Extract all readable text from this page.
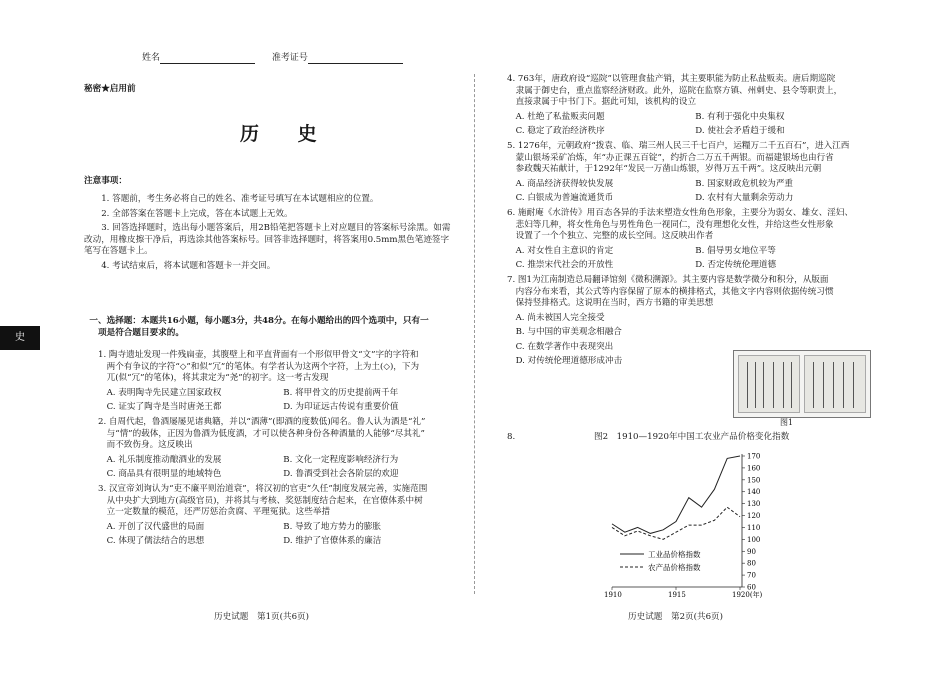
姓名	准考证号
秘密★启用前
历 史
史
注意事项：

1. 答题前，考生务必将自己的姓名、准考证号填写在本试题相应的位置。

2. 全部答案在答题卡上完成，答在本试题上无效。

3. 回答选择题时，选出每小题答案后，用2B铅笔把答题卡上对应题目的答案标号涂黑。如需改动，用橡皮擦干净后，再选涂其他答案标号。回答非选择题时，将答案用0.5mm黑色笔迹签字笔写在答题卡上。

4. 考试结束后，将本试题和答题卡一并交回。

一、选择题：本题共16小题，每小题3分，共48分。在每小题给出的四个选项中，只有一

项是符合题目要求的。

1. 陶寺遗址发现一件残扁壶，其腹壁上和平直背面有一个形似甲骨文“文”字的字符和
两个有争议的字符“◇”和似“冗”的笔体。有学者认为这两个字符，上为土(◇)，下为
兀(似“冗”的笔体)，将其隶定为“尧”的初字。这一考古发现
A. 表明陶寺先民建立国家政权	B. 将甲骨文的历史提前两千年
C. 证实了陶寺是当时唐尧王都	D. 为印证远古传说有重要价值
2. 自周代起，鲁酒屡屡见诸典籍，并以“酒薄”(即酒的度数低)闻名。鲁人认为酒是“礼”
与“情”的载体，正因为鲁酒为低度酒，才可以使各种身份各种酒量的人能够“尽其礼”
而不致伤身。这反映出
A. 礼乐制度推动酿酒业的发展	B. 文化一定程度影响经济行为
C. 商品具有很明显的地域特色	D. 鲁酒受到社会各阶层的欢迎
3. 汉宣帝刘询认为“吏不廉平则治道衰”，将汉初的官吏“久任”制度发展完善，实施范围
从中央扩大到地方(高级官员)，并将其与考核、奖惩制度结合起来，在官僚体系中树
立一定数量的模范，还严厉惩治贪腐、平理冤狱。这些举措
A. 开创了汉代盛世的局面	B. 导致了地方势力的膨胀
C. 体现了儒法结合的思想	D. 维护了官僚体系的廉洁
历史试题　第1页(共6页)
4. 763年，唐政府设“巡院”以管理食盐产销，其主要职能为防止私盐贩卖。唐后期巡院
隶属于御史台，重点监察经济财政。此外，巡院在监察方镇、州刺史、县令等职责上，
直接隶属于中书门下。据此可知，该机构的设立
A. 杜绝了私盐贩卖问题	B. 有利于强化中央集权
C. 稳定了政治经济秩序	D. 使社会矛盾趋于缓和
5. 1276年，元朝政府“拨袁、临、瑞三州人民三千七百户，运糧万二千五百石”，进入江西
蒙山银场采矿冶炼，年“办正课五百锭”，约折合二万五千两银。而福建银场也由行省
参政魏天祐献计，于1292年“发民一万凿山炼银，岁得万五千两”。这反映出元朝
A. 商品经济获得较快发展	B. 国家财政危机较为严重
C. 白银成为普遍流通货币	D. 农村有大量剩余劳动力
6. 施耐庵《水浒传》用百态各异的手法来塑造女性角色形象，主要分为弱女、雄女、淫妇、
悲妇等几种，将女性角色与男性角色一视同仁，没有理想化女性，并给这些女性形象
设置了一个个独立、完整的成长空间。这反映出作者
A. 对女性自主意识的肯定	B. 倡导男女地位平等
C. 推崇宋代社会的开放性	D. 否定传统伦理道德
7. 图1为江南制造总局翻译馆刻《微积溯源》。其主要内容是数学微分和积分，从版面
内容分布来看，其公式等内容保留了原本的横排格式，其他文字内容则依据传统习惯
保持竖排格式。这说明在当时，西方书籍的审美思想
A. 尚未被国人完全接受
B. 与中国的审美观念相融合
C. 在数学著作中表现突出
D. 对传统伦理道德形成冲击
图1
8.	图2　1910—1920年中国工农业产品价格变化指数
60
70
80
90
100
110
120
130
140
150
160
170
1910	1915	1920(年)
工业品价格指数
农产品价格指数
历史试题　第2页(共6页)
